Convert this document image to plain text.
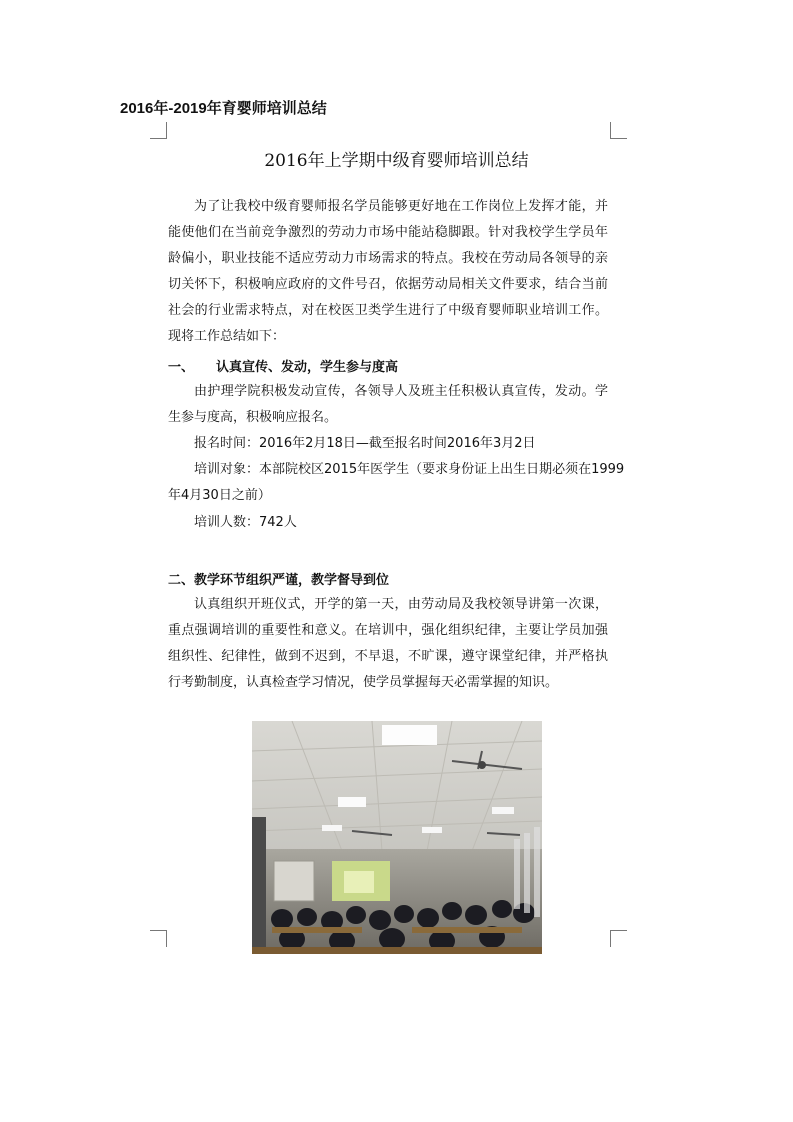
2016年-2019年育婴师培训总结
2016年上学期中级育婴师培训总结
为了让我校中级育婴师报名学员能够更好地在工作岗位上发挥才能，并能使他们在当前竞争激烈的劳动力市场中能站稳脚跟。针对我校学生学员年龄偏小，职业技能不适应劳动力市场需求的特点。我校在劳动局各领导的亲切关怀下，积极响应政府的文件号召，依据劳动局相关文件要求，结合当前社会的行业需求特点，对在校医卫类学生进行了中级育婴师职业培训工作。现将工作总结如下：
一、 认真宣传、发动，学生参与度高
由护理学院积极发动宣传，各领导人及班主任积极认真宣传，发动。学生参与度高，积极响应报名。
报名时间：2016年2月18日—截至报名时间2016年3月2日
培训对象：本部院校区2015年医学生（要求身份证上出生日期必须在1999
年4月30日之前）
培训人数：742人
二、教学环节组织严谨，教学督导到位
认真组织开班仪式，开学的第一天，由劳动局及我校领导讲第一次课，重点强调培训的重要性和意义。在培训中，强化组织纪律，主要让学员加强组织性、纪律性，做到不迟到，不早退，不旷课，遵守课堂纪律，并严格执行考勤制度，认真检查学习情况，使学员掌握每天必需掌握的知识。
